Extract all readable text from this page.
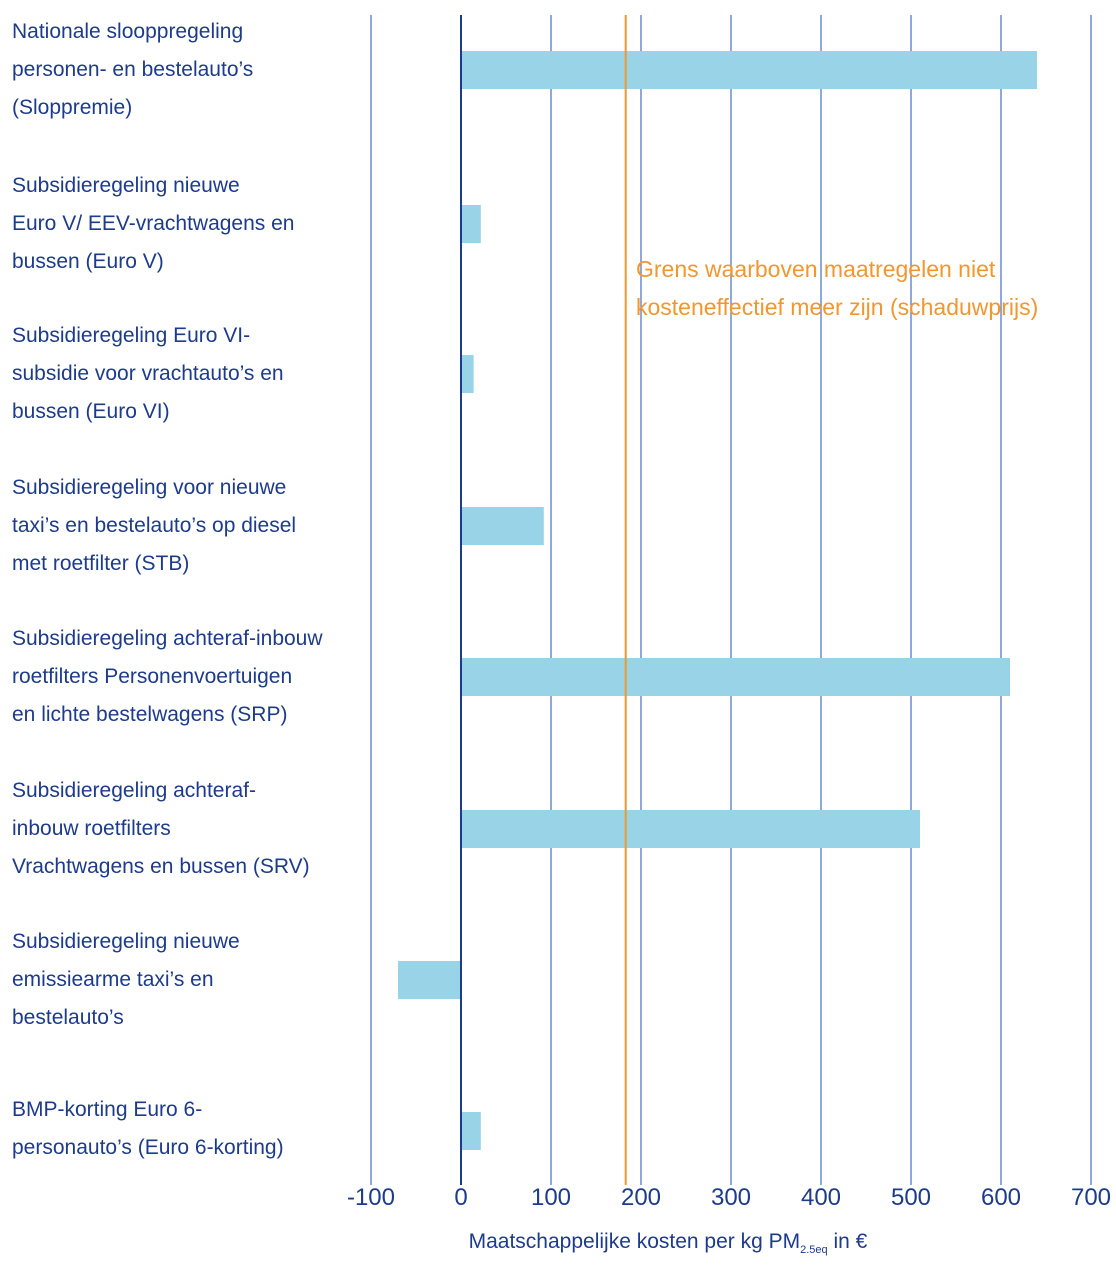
-100 0	100 200 300 400 500 600 700
Nationale slooppregeling
personen- en bestelauto’s
(Sloppremie)
Subsidieregeling nieuwe
Euro V/ EEV-vrachtwagens en
bussen (Euro V)
Subsidieregeling Euro VI-
subsidie voor vrachtauto’s en
bussen (Euro VI)
Subsidieregeling voor nieuwe
taxi’s en bestelauto’s op diesel
met roetfilter (STB)
Subsidieregeling achteraf-inbouw
roetfilters Personenvoertuigen
en lichte bestelwagens (SRP)
Subsidieregeling achteraf-
inbouw roetfilters
Vrachtwagens en bussen (SRV)
Subsidieregeling nieuwe
emissiearme taxi’s en
bestelauto’s
BMP-korting Euro 6-
personauto’s (Euro 6-korting)
Grens waarboven maatregelen niet
kosteneffectief meer zijn (schaduwprijs)
Maatschappelijke kosten per kg $PM_{2.5eq}$ in €
